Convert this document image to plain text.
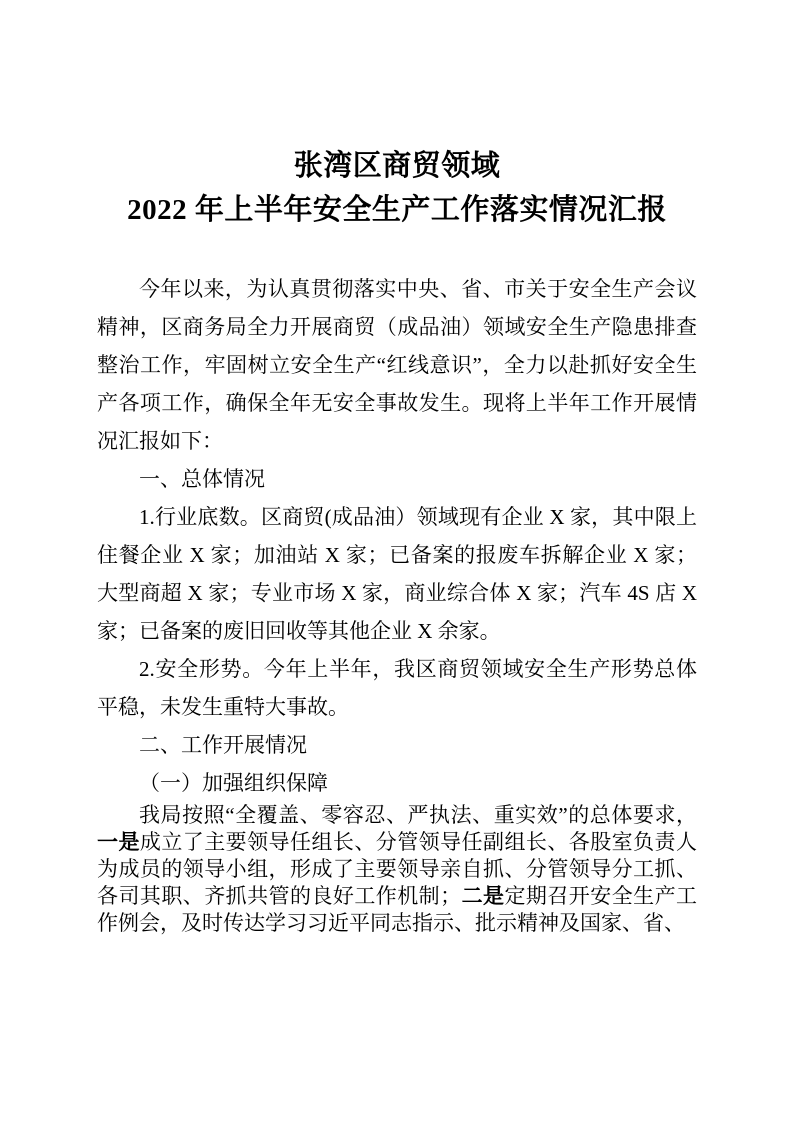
张湾区商贸领域
2022 年上半年安全生产工作落实情况汇报

今年以来，为认真贯彻落实中央、省、市关于安全生产会议精神，区商务局全力开展商贸（成品油）领域安全生产隐患排查整治工作，牢固树立安全生产“红线意识”，全力以赴抓好安全生产各项工作，确保全年无安全事故发生。现将上半年工作开展情况汇报如下：

一、总体情况

1.行业底数。区商贸(成品油）领域现有企业 X 家，其中限上住餐企业 X 家；加油站 X 家；已备案的报废车拆解企业 X 家；大型商超 X 家；专业市场 X 家，商业综合体 X 家；汽车 4S 店 X 家；已备案的废旧回收等其他企业 X 余家。

2.安全形势。今年上半年，我区商贸领域安全生产形势总体平稳，未发生重特大事故。

二、工作开展情况

（一）加强组织保障

我局按照“全覆盖、零容忍、严执法、重实效”的总体要求，一是成立了主要领导任组长、分管领导任副组长、各股室负责人为成员的领导小组，形成了主要领导亲自抓、分管领导分工抓、各司其职、齐抓共管的良好工作机制；二是定期召开安全生产工作例会，及时传达学习习近平同志指示、批示精神及国家、省、
